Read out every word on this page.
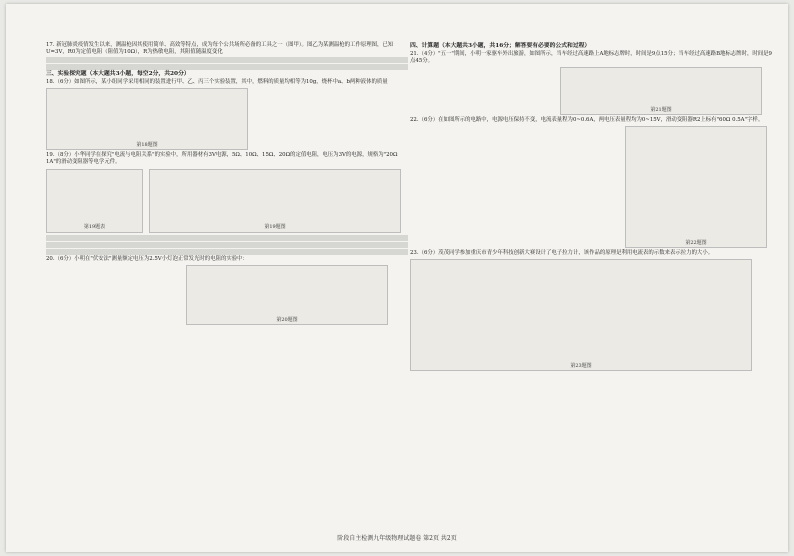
17. 新冠肺炎疫情发生以来，测温枪因其使用简单、高效等特点，成为每个公共场所必备的工具之一（图甲）。图乙为某测温枪的工作原理图，已知U=3V，R0为定值电阻（阻值为10Ω），R为热敏电阻，其阻值随温度变化
三、实验探究题（本大题共3小题，每空2分，共20分）
18.（6分）如图所示，某小组同学采用相同的装置进行甲、乙、丙三个实验装置，其中，燃料的质量均相等为10g，烧杯中a、b两种液体的质量
第18题图
19.（8分）小华同学在探究"电流与电阻关系"的实验中，所用器材有3V电源，5Ω、10Ω、15Ω、20Ω的定值电阻，电压为3V的电源，规格为"20Ω 1A"的滑动变阻器等电学元件。
第19题表	第19题图
20.（6分）小明在"伏安法"测量额定电压为2.5V小灯泡正常发光时的电阻的实验中：
第20题图
四、计算题（本大题共3小题，共16分；解答要有必要的公式和过程）
21.（4分）"五一"期间，小明一家驱车外出旅游，如图所示，当车经过高速路上A地标志牌时，时间是9点15分；当车经过高速路B地标志牌时，时间是9点45分。
第21题图
22.（6分）在如图所示的电路中，电源电压保持不变，电流表量程为0~0.6A，两电压表量程均为0~15V，滑动变阻器R2上标有"60Ω 0.5A"字样。
第22题图
23.（6分）茂茂同学参加重庆市青少年科技创新大赛设计了电子拉力计，该作品的原理是利用电流表的示数来表示拉力的大小。
第23题图
阶段自主检测九年级物理试题卷 第2页 共2页
